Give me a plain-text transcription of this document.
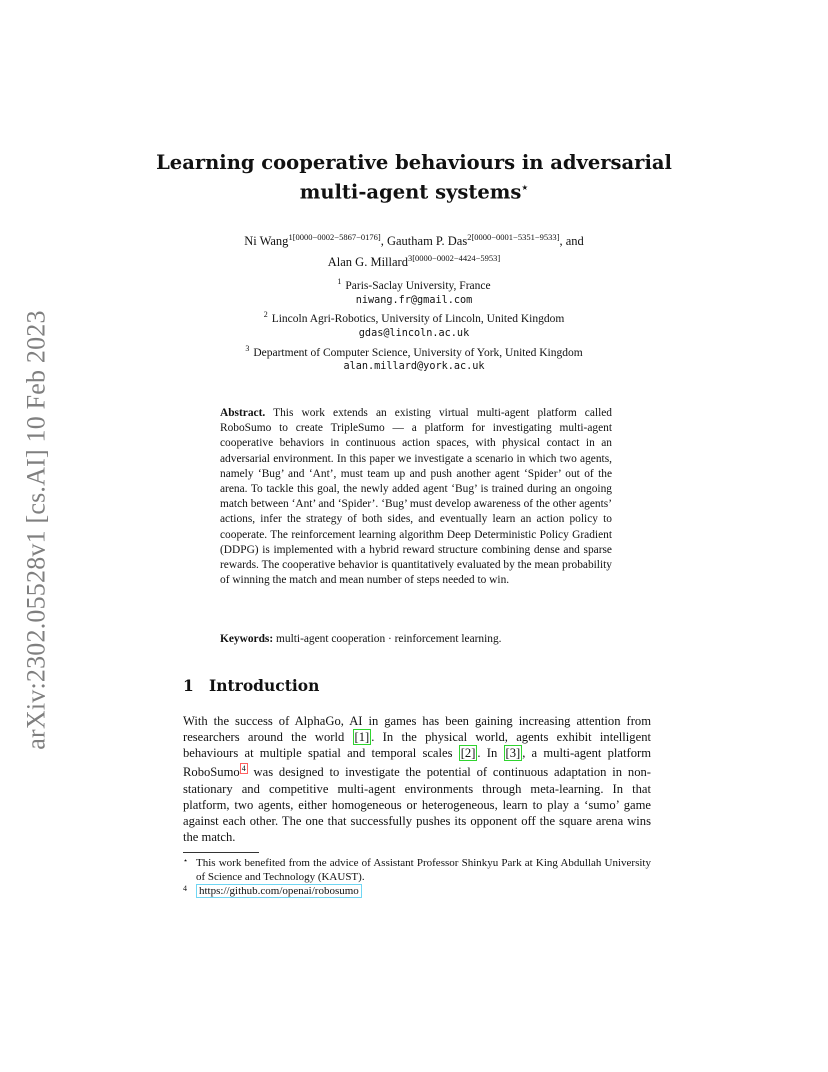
arXiv:2302.05528v1 [cs.AI] 10 Feb 2023
Learning cooperative behaviours in adversarial
multi-agent systems⋆
Ni Wang$^{1[0000-0002-5867-0176]}$, Gautham P. Das$^{2[0000-0001-5351-9533]}$, and
Alan G. Millard$^{3[0000-0002-4424-5953]}$
$^1$ Paris-Saclay University, France
niwang.fr@gmail.com
$^2$ Lincoln Agri-Robotics, University of Lincoln, United Kingdom
gdas@lincoln.ac.uk
$^3$ Department of Computer Science, University of York, United Kingdom
alan.millard@york.ac.uk
Abstract. This work extends an existing virtual multi-agent platform called RoboSumo to create TripleSumo — a platform for investigating multi-agent cooperative behaviors in continuous action spaces, with physical contact in an adversarial environment. In this paper we investigate a scenario in which two agents, namely ‘Bug’ and ‘Ant’, must team up and push another agent ‘Spider’ out of the arena. To tackle this goal, the newly added agent ‘Bug’ is trained during an ongoing match between ‘Ant’ and ‘Spider’. ‘Bug’ must develop awareness of the other agents’ actions, infer the strategy of both sides, and eventually learn an action policy to cooperate. The reinforcement learning algorithm Deep Deterministic Policy Gradient (DDPG) is implemented with a hybrid reward structure combining dense and sparse rewards. The cooperative behavior is quantitatively evaluated by the mean probability of winning the match and mean number of steps needed to win.
Keywords: multi-agent cooperation · reinforcement learning.
1 Introduction
With the success of AlphaGo, AI in games has been gaining increasing attention from researchers around the world [1] . In the physical world, agents exhibit intelligent behaviours at multiple spatial and temporal scales [2] . In [3] , a multi-agent platform RoboSumo $^4$ was designed to investigate the potential of continuous adaptation in non-stationary and competitive multi-agent environments through meta-learning. In that platform, two agents, either homogeneous or heterogeneous, learn to play a ‘sumo’ game against each other. The one that successfully pushes its opponent off the square arena wins the match.
⋆ This work benefited from the advice of Assistant Professor Shinkyu Park at King Abdullah University of Science and Technology (KAUST).
4 https://github.com/openai/robosumo
